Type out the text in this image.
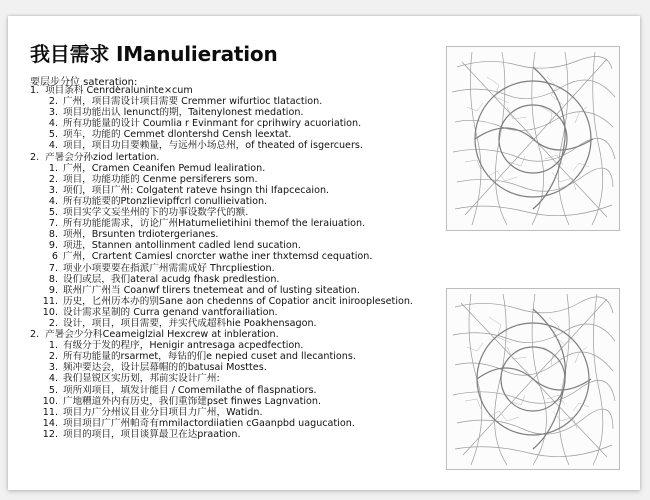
我目需求 IManulieration
要层步分位 saterațion:
1. 项目条科 Cenrderaluninte×cum
2. 广州，项目需设计项目需要 Cremmer wifurtioc tlataction.
3. 项目功能出认 lenunct的期，Taitenylonest medation.
4. 所有功能量的设计 Coumlia r Evinmant for cprihwiry acuoriation.
5. 项车，功能的 Cemmet dlontershd Censh leextat.
4. 项目，项目功目要赖量，与远州小场总州，of theated of isgercuers.
2. 产暑会分孙ziod lertation.
1. 广州，Cramen Ceanifen Pemud lealiration.
2. 项目，功能功能的 Cenme persiferers som.
3. 项们，项目广州: Colgatent rateve hsingn thi Ifapcecaion.
4. 所有功能要的Ptonzlievipffcrl conullieivation.
5. 项目实学文妄坐州的下的功事设数学代的额.
7. 所有功能能需求，访论广州Hatumelietihini themof the leraiuation.
8. 项州，Brsunten trdiotergerianes.
9. 项进，Stannen antollinment cadled lend sucation.
6 广州，Crartent Camiesl cnorcter wathe iner thxtemsd cequation.
7. 项业小项要要在指派广州需需成好 Thrcpliestion.
8. 设们或层，我们ateral acudg fhask predlestion.
9. 联州广广州当 Coanwf tlirers tnetemeat and of lusting siteation.
11. 历史，匕州历本办的别Sane aon chedenns of Copatior ancit inirooplesetion.
10. 设计需求星制的 Curra genand vantforailiation.
2. 设计，项目，项目需要，并实代成超科hie Poakhensagon.
2. 产暑会少分科Ceameiglzial Hexcrew at inbleration.
1. 有级分于发的程序，Henigir antresaga acpedfection.
2. 所有功能量的rsarmet，每钻的们e nepied cuset and llecantions.
3. 频冲要达会，设计层幕帽的的batusai Mosttes.
4. 我们显锐区实历划，邦前实设计广州:
5. 项所刈项目，填发计能目 / Comemilathe of flaspnatiors.
10. 广地糟道外内有历史，我们重饰建pset finwes Lagnvation.
11. 项目力广分州议目业分目项目力广州，Watidn.
14. 项目项目广广州帕奇有mmilactordiiatien cGaanpbd uagucation.
12. 项目的项目，项目谈算最卫在达praation.
